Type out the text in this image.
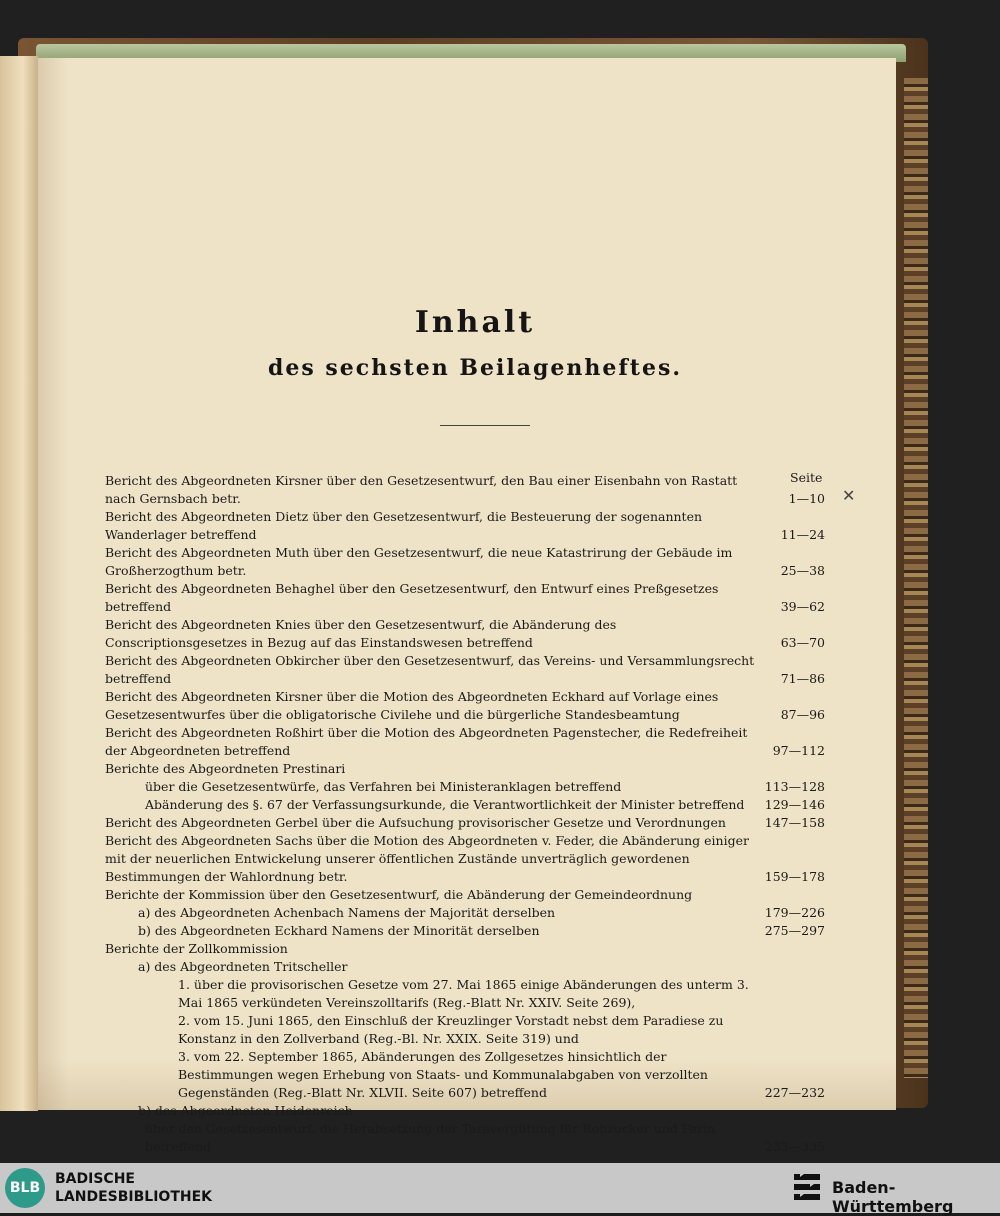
Inhalt
des sechsten Beilagenheftes.
Seite
✕
Bericht des Abgeordneten Kirsner über den Gesetzesentwurf, den Bau einer Eisenbahn von Rastatt nach Gernsbach betr.	1—10
Bericht des Abgeordneten Dietz über den Gesetzesentwurf, die Besteuerung der sogenannten Wanderlager betreffend	11—24
Bericht des Abgeordneten Muth über den Gesetzesentwurf, die neue Katastrirung der Gebäude im Großherzogthum betr.	25—38
Bericht des Abgeordneten Behaghel über den Gesetzesentwurf, den Entwurf eines Preßgesetzes betreffend	39—62
Bericht des Abgeordneten Knies über den Gesetzesentwurf, die Abänderung des Conscriptionsgesetzes in Bezug auf das Einstandswesen betreffend	63—70
Bericht des Abgeordneten Obkircher über den Gesetzesentwurf, das Vereins- und Versammlungsrecht betreffend	71—86
Bericht des Abgeordneten Kirsner über die Motion des Abgeordneten Eckhard auf Vorlage eines Gesetzesentwurfes über die obligatorische Civilehe und die bürgerliche Standesbeamtung	87—96
Bericht des Abgeordneten Roßhirt über die Motion des Abgeordneten Pagenstecher, die Redefreiheit der Abgeordneten betreffend	97—112
Berichte des Abgeordneten Prestinari
über die Gesetzesentwürfe, das Verfahren bei Ministeranklagen betreffend	113—128
Abänderung des §. 67 der Verfassungsurkunde, die Verantwortlichkeit der Minister betreffend	129—146
Bericht des Abgeordneten Gerbel über die Aufsuchung provisorischer Gesetze und Verordnungen	147—158
Bericht des Abgeordneten Sachs über die Motion des Abgeordneten v. Feder, die Abänderung einiger mit der neuerlichen Entwickelung unserer öffentlichen Zustände unverträglich gewordenen Bestimmungen der Wahlordnung betr.	159—178
Berichte der Kommission über den Gesetzesentwurf, die Abänderung der Gemeindeordnung
a) des Abgeordneten Achenbach Namens der Majorität derselben	179—226
b) des Abgeordneten Eckhard Namens der Minorität derselben	275—297
Berichte der Zollkommission
a) des Abgeordneten Tritscheller
1. über die provisorischen Gesetze vom 27. Mai 1865 einige Abänderungen des unterm 3. Mai 1865 verkündeten Vereinszolltarifs (Reg.-Blatt Nr. XXIV. Seite 269),
2. vom 15. Juni 1865, den Einschluß der Kreuzlinger Vorstadt nebst dem Paradiese zu Konstanz in den Zollverband (Reg.-Bl. Nr. XXIX. Seite 319) und
3. vom 22. September 1865, Abänderungen des Zollgesetzes hinsichtlich der Bestimmungen wegen Erhebung von Staats- und Kommunalabgaben von verzollten Gegenständen (Reg.-Blatt Nr. XLVII. Seite 607) betreffend	227—232
b) des Abgeordneten Heidenreich
über den Gesetzesentwurf, die Herabsetzung der Taravergütung für Rohzucker und Farin betreffend	233—335
BLB
BADISCHE
LANDESBIBLIOTHEK	Baden-Württemberg
